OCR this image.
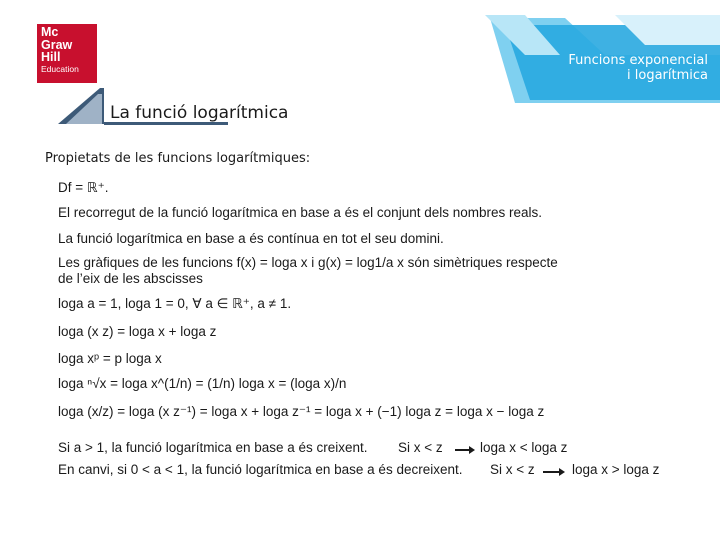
Mc
Graw
Hill
Education
Funcions exponencial
i logarítmica
La funció logarítmica
Propietats de les funcions logarítmiques:
Df = ℝ⁺.
El recorregut de la funció logarítmica en base a és el conjunt dels nombres reals.
La funció logarítmica en base a és contínua en tot el seu domini.
Les gràfiques de les funcions f(x) = loga x i g(x) = log1/a x són simètriques respecte de l’eix de les abscisses
loga a = 1, loga 1 = 0, ∀ a ∈ ℝ⁺, a ≠ 1.
loga (x z) = loga x + loga z
loga xᵖ = p loga x
loga ⁿ√x = loga x^(1/n) = (1/n) loga x = (loga x)/n
loga (x/z) = loga (x z⁻¹) = loga x + loga z⁻¹ = loga x + (−1) loga z = loga x − loga z
Si a > 1, la funció logarítmica en base a és creixent.
En canvi, si 0 < a < 1, la funció logarítmica en base a és decreixent.
Si x < z	loga x < loga z
Si x < z	loga x > loga z
